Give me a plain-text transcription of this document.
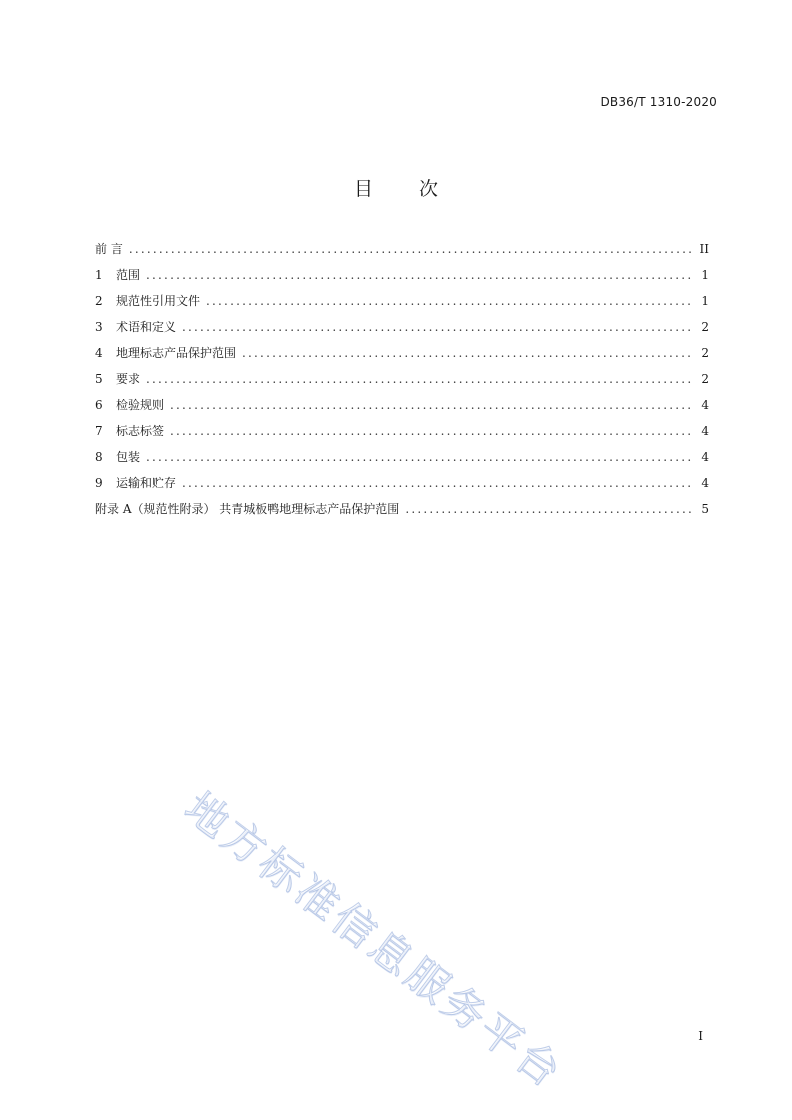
DB36/T 1310-2020
目 次
前 言 .....	II
1	范围 .....	1
2	规范性引用文件 .....	1
3	术语和定义 .....	2
4	地理标志产品保护范围 .....	2
5	要求 .....	2
6	检验规则 .....	4
7	标志标签 .....	4
8	包装 .....	4
9	运输和贮存 .....	4
附录 A（规范性附录） 共青城板鸭地理标志产品保护范围 .....	5
地方标准信息服务平台	I
